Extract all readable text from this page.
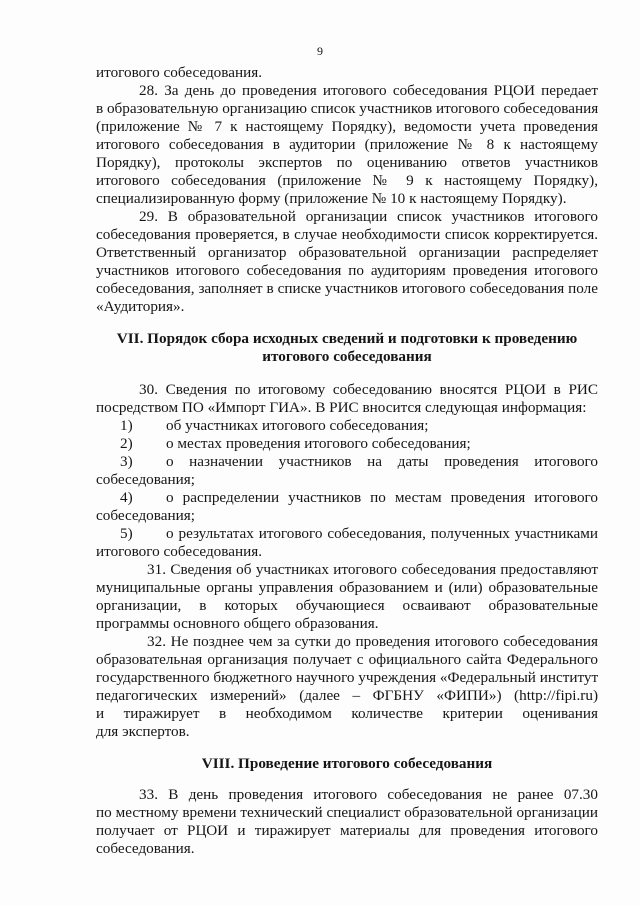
9
итогового собеседования.
28. За день до проведения итогового собеседования РЦОИ передает
в образовательную организацию список участников итогового собеседования
(приложение № 7 к настоящему Порядку), ведомости учета проведения
итогового собеседования в аудитории (приложение № 8 к настоящему
Порядку), протоколы экспертов по оцениванию ответов участников
итогового собеседования (приложение № 9 к настоящему Порядку),
специализированную форму (приложение № 10 к настоящему Порядку).
29. В образовательной организации список участников итогового
собеседования проверяется, в случае необходимости список корректируется.
Ответственный организатор образовательной организации распределяет
участников итогового собеседования по аудиториям проведения итогового
собеседования, заполняет в списке участников итогового собеседования поле
«Аудитория».
VII. Порядок сбора исходных сведений и подготовки к проведению
итогового собеседования
30. Сведения по итоговому собеседованию вносятся РЦОИ в РИС
посредством ПО «Импорт ГИА». В РИС вносится следующая информация:
1) об участниках итогового собеседования;
2) о местах проведения итогового собеседования;
3) о назначении участников на даты проведения итогового
собеседования;
4) о распределении участников по местам проведения итогового
собеседования;
5) о результатах итогового собеседования, полученных участниками
итогового собеседования.
31. Сведения об участниках итогового собеседования предоставляют
муниципальные органы управления образованием и (или) образовательные
организации, в которых обучающиеся осваивают образовательные
программы основного общего образования.
32. Не позднее чем за сутки до проведения итогового собеседования
образовательная организация получает с официального сайта Федерального
государственного бюджетного научного учреждения «Федеральный институт
педагогических измерений» (далее – ФГБНУ «ФИПИ») (http://fipi.ru)
и тиражирует в необходимом количестве критерии оценивания
для экспертов.
VIII. Проведение итогового собеседования
33. В день проведения итогового собеседования не ранее 07.30
по местному времени технический специалист образовательной организации
получает от РЦОИ и тиражирует материалы для проведения итогового
собеседования.
